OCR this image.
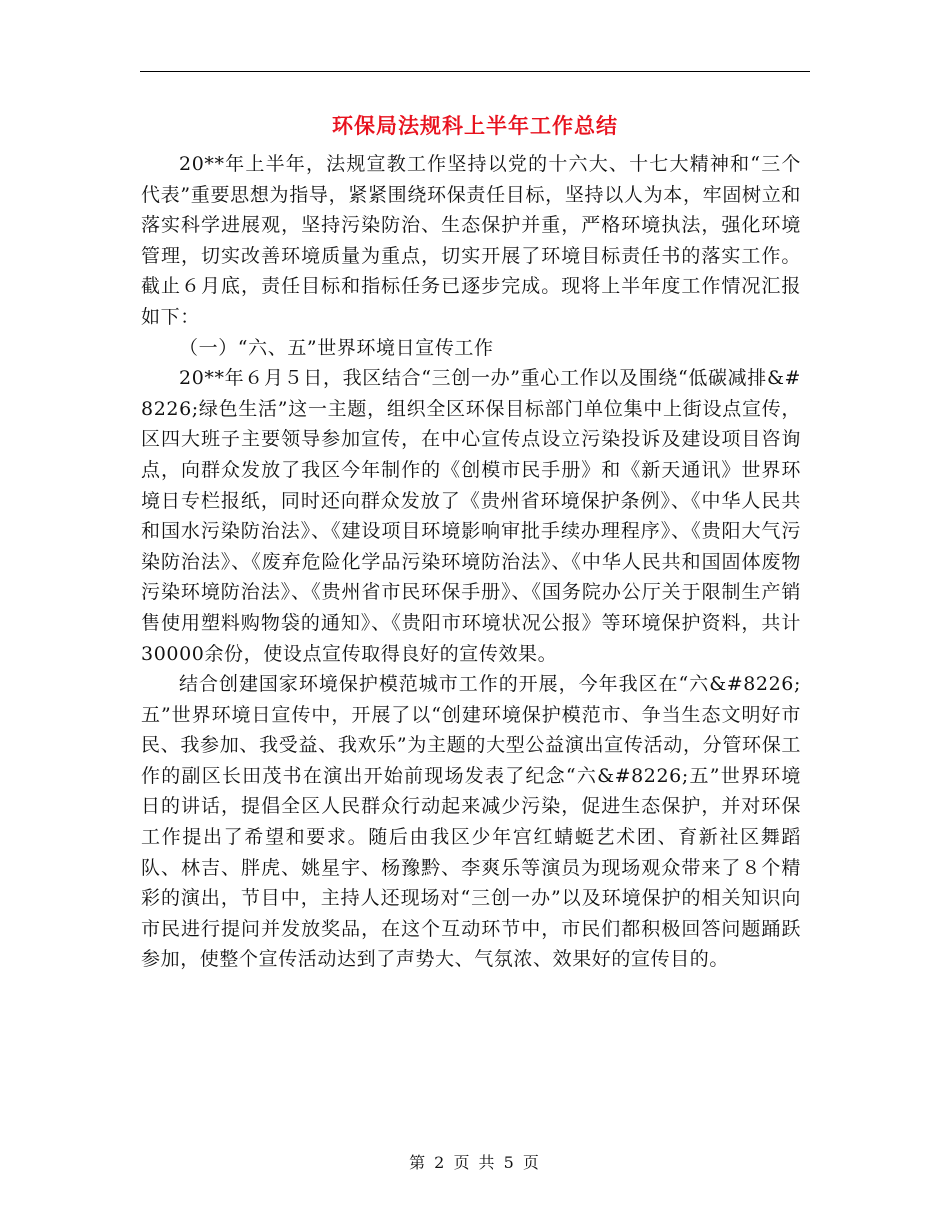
环保局法规科上半年工作总结

20**年上半年，法规宣教工作坚持以党的十六大、十七大精神和“三个代表”重要思想为指导，紧紧围绕环保责任目标，坚持以人为本，牢固树立和落实科学进展观，坚持污染防治、生态保护并重，严格环境执法，强化环境管理，切实改善环境质量为重点，切实开展了环境目标责任书的落实工作。截止６月底，责任目标和指标任务已逐步完成。现将上半年度工作情况汇报如下：

（一）“六、五”世界环境日宣传工作

20**年６月５日，我区结合“三创一办”重心工作以及围绕“低碳减排&#8226;绿色生活”这一主题，组织全区环保目标部门单位集中上街设点宣传，区四大班子主要领导参加宣传，在中心宣传点设立污染投诉及建设项目咨询点，向群众发放了我区今年制作的《创模市民手册》和《新天通讯》世界环境日专栏报纸，同时还向群众发放了《贵州省环境保护条例》、《中华人民共和国水污染防治法》、《建设项目环境影响审批手续办理程序》、《贵阳大气污染防治法》、《废弃危险化学品污染环境防治法》、《中华人民共和国固体废物污染环境防治法》、《贵州省市民环保手册》、《国务院办公厅关于限制生产销售使用塑料购物袋的通知》、《贵阳市环境状况公报》等环境保护资料，共计30000余份，使设点宣传取得良好的宣传效果。

结合创建国家环境保护模范城市工作的开展，今年我区在“六&#8226;五”世界环境日宣传中，开展了以“创建环境保护模范市、争当生态文明好市民、我参加、我受益、我欢乐”为主题的大型公益演出宣传活动，分管环保工作的副区长田茂书在演出开始前现场发表了纪念“六&#8226;五”世界环境日的讲话，提倡全区人民群众行动起来减少污染，促进生态保护，并对环保工作提出了希望和要求。随后由我区少年宫红蜻蜓艺术团、育新社区舞蹈队、林吉、胖虎、姚星宇、杨豫黔、李爽乐等演员为现场观众带来了８个精彩的演出，节目中，主持人还现场对“三创一办”以及环境保护的相关知识向市民进行提问并发放奖品，在这个互动环节中，市民们都积极回答问题踊跃参加，使整个宣传活动达到了声势大、气氛浓、效果好的宣传目的。

第 2 页 共 5 页
